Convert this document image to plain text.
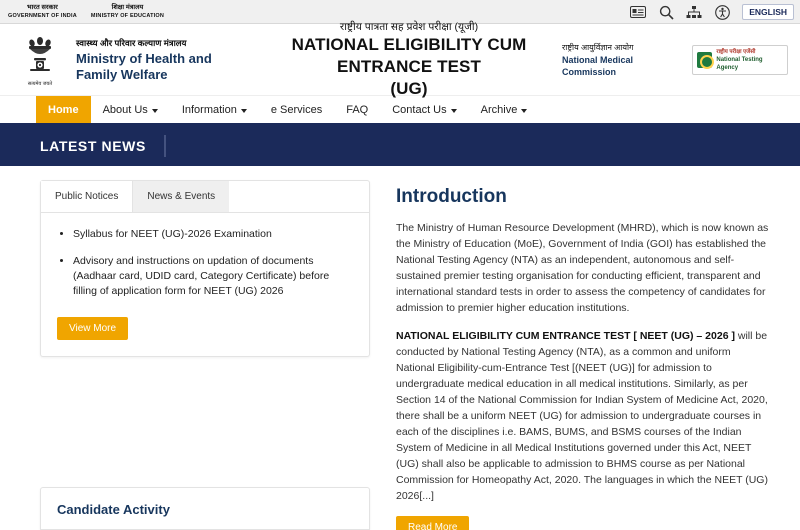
भारत सरकार
GOVERNMENT OF INDIA
शिक्षा मंत्रालय
MINISTRY OF EDUCATION	ENGLISH
सत्यमेव जयते
स्वास्थ्य और परिवार कल्याण मंत्रालय
Ministry of Health and
Family Welfare
राष्ट्रीय पात्रता सह प्रवेश परीक्षा (यूजी)
NATIONAL ELIGIBILITY CUM ENTRANCE TEST
(UG)
राष्ट्रीय आयुर्विज्ञान आयोग
National Medical
Commission
राष्ट्रीय परीक्षा एजेंसी
National Testing Agency
Home About Us	Information	e Services FAQ Contact Us	Archive
LATEST NEWS
Public Notices	News & Events
• Syllabus for NEET (UG)-2026 Examination
• Advisory and instructions on updation of documents (Aadhaar card, UDID card, Category Certificate) before filling of application form for NEET (UG) 2026
View More
Introduction

The Ministry of Human Resource Development (MHRD), which is now known as the Ministry of Education (MoE), Government of India (GOI) has established the National Testing Agency (NTA) as an independent, autonomous and self-sustained premier testing organisation for conducting efficient, transparent and international standard tests in order to assess the competency of candidates for admission to premier higher education institutions.

NATIONAL ELIGIBILITY CUM ENTRANCE TEST [ NEET (UG) – 2026 ] will be conducted by National Testing Agency (NTA), as a common and uniform National Eligibility-cum-Entrance Test [(NEET (UG)] for admission to undergraduate medical education in all medical institutions. Similarly, as per Section 14 of the National Commission for Indian System of Medicine Act, 2020, there shall be a uniform NEET (UG) for admission to undergraduate courses in each of the disciplines i.e. BAMS, BUMS, and BSMS courses of the Indian System of Medicine in all Medical Institutions governed under this Act, NEET (UG) shall also be applicable to admission to BHMS course as per National Commission for Homeopathy Act, 2020. The languages in which the NEET (UG) 2026[...]

Read More
Candidate Activity
